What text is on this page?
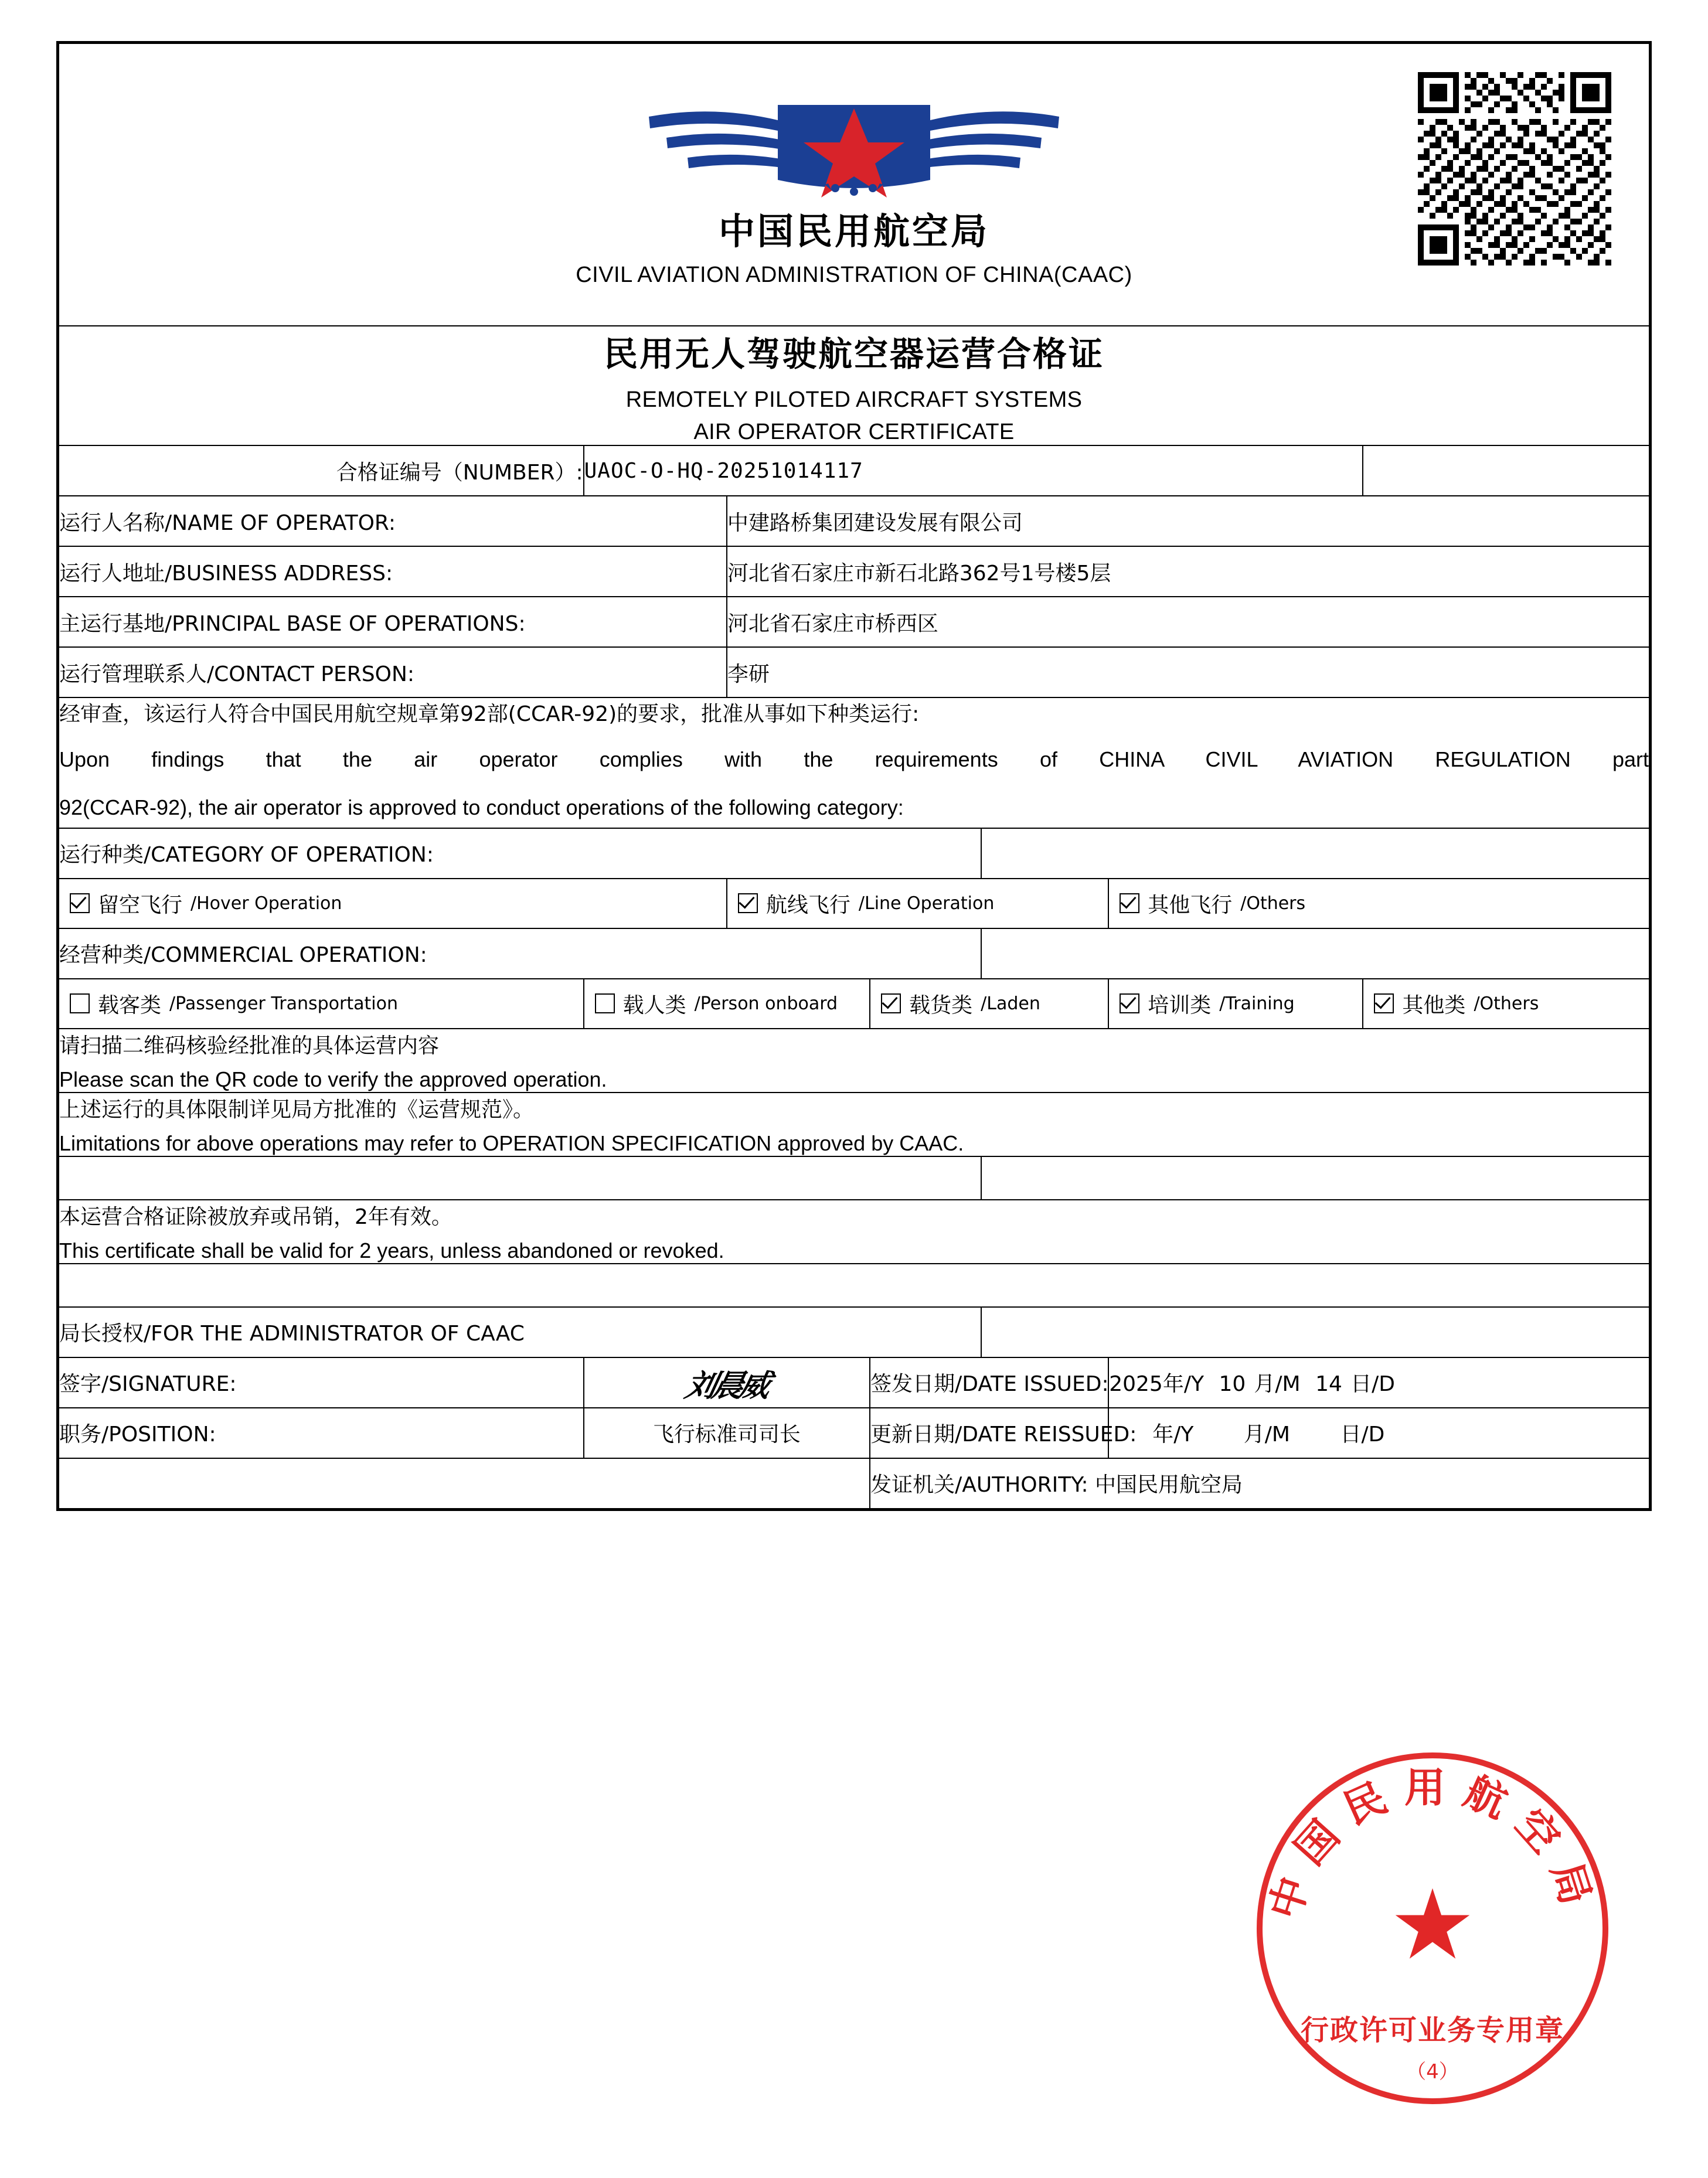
中国民用航空局
CIVIL AVIATION ADMINISTRATION OF CHINA(CAAC)						

民用无人驾驶航空器运营合格证
REMOTELY PILOTED AIRCRAFT SYSTEMS
AIR OPERATOR CERTIFICATE						

合格证编号（NUMBER）:	UAOC-O-HQ-20251014117					
运行人名称/NAME OF OPERATOR:		中建路桥集团建设发展有限公司				
运行人地址/BUSINESS ADDRESS:		河北省石家庄市新石北路362号1号楼5层				
主运行基地/PRINCIPAL BASE OF OPERATIONS:		河北省石家庄市桥西区				
运行管理联系人/CONTACT PERSON:		李研				

经审查，该运行人符合中国民用航空规章第92部(CCAR-92)的要求，批准从事如下种类运行:
Upon findings that the air operator complies with the requirements of CHINA CIVIL AVIATION REGULATION part
92(CCAR-92), the air operator is approved to conduct operations of the following category:						

运行种类/CATEGORY OF OPERATION:						

留空飞行 /Hover Operation		航线飞行 /Line Operation			其他飞行 /Others	

经营种类/COMMERCIAL OPERATION:						

载客类 /Passenger Transportation	载人类 /Person onboard		载货类 /Laden		培训类 /Training	其他类 /Others

请扫描二维码核验经批准的具体运营内容
Please scan the QR code to verify the approved operation.						

上述运行的具体限制详见局方批准的《运营规范》。
Limitations for above operations may refer to OPERATION SPECIFICATION approved by CAAC.						

本运营合格证除被放弃或吊销，2年有效。
This certificate shall be valid for 2 years, unless abandoned or revoked.						

局长授权/FOR THE ADMINISTRATOR OF CAAC						
签字/SIGNATURE:	刘晨威		签发日期/DATE ISSUED:		2025年/Y 10 月/M 14 日/D	

职务/POSITION:	飞行标准司司长		更新日期/DATE REISSUED:		年/Y 月/M 日/D	

			发证机关/AUTHORITY: 中国民用航空局			
中国民用航空局
★
行政许可业务专用章
（4）
